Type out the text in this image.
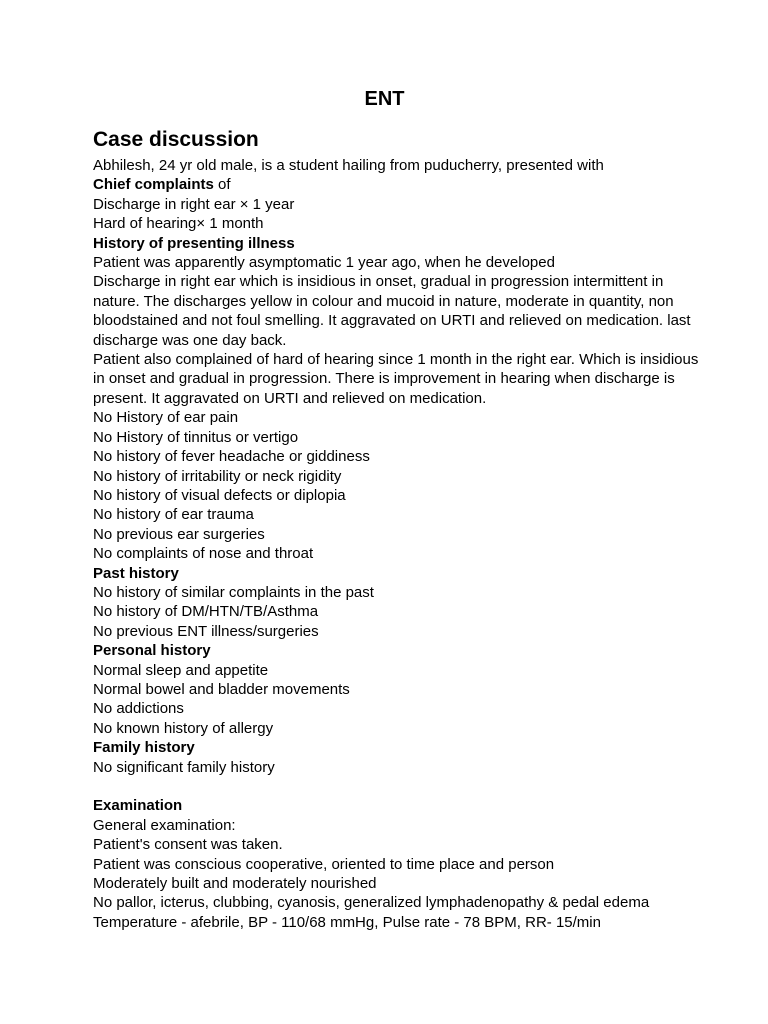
ENT
Case discussion
Abhilesh, 24 yr old male, is a student hailing from puducherry, presented with
Chief complaints of
Discharge in right ear × 1 year
Hard of hearing× 1 month
History of presenting illness
Patient was apparently asymptomatic 1 year ago, when he developed
Discharge in right ear which is insidious in onset, gradual in progression intermittent in nature. The discharges yellow in colour and mucoid in nature, moderate in quantity, non bloodstained and not foul smelling. It aggravated on URTI and relieved on medication. last discharge was one day back.
Patient also complained of hard of hearing since 1 month in the right ear. Which is insidious in onset and gradual in progression. There is improvement in hearing when discharge is present. It aggravated on URTI and relieved on medication.
No History of ear pain
No History of tinnitus or vertigo
No history of fever headache or giddiness
No history of irritability or neck rigidity
No history of visual defects or diplopia
No history of ear trauma
No previous ear surgeries
No complaints of nose and throat
Past history
No history of similar complaints in the past
No history of DM/HTN/TB/Asthma
No previous ENT illness/surgeries
Personal history
Normal sleep and appetite
Normal bowel and bladder movements
No addictions
No known history of allergy
Family history
No significant family history
Examination
General examination:
Patient's consent was taken.
Patient was conscious cooperative, oriented to time place and person
Moderately built and moderately nourished
No pallor, icterus, clubbing, cyanosis, generalized lymphadenopathy & pedal edema
Temperature - afebrile, BP - 110/68 mmHg, Pulse rate - 78 BPM, RR- 15/min
